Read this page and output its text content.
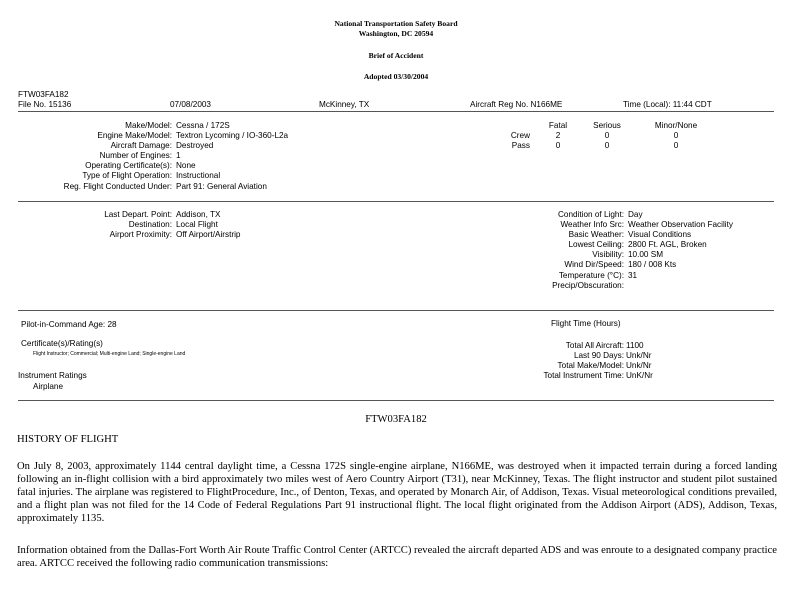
National Transportation Safety Board
Washington, DC 20594
Brief of Accident
Adopted 03/30/2004
FTW03FA182
File No. 15136	07/08/2003	McKinney, TX	Aircraft Reg No. N166ME	Time (Local): 11:44 CDT
Make/Model: Cessna / 172S
Engine Make/Model: Textron Lycoming / IO-360-L2a
Aircraft Damage: Destroyed
Number of Engines: 1
Operating Certificate(s): None
Type of Flight Operation: Instructional
Reg. Flight Conducted Under: Part 91: General Aviation
	Fatal	Serious	Minor/None
Crew	2	0	0
Pass	0	0	0
Last Depart. Point: Addison, TX
Destination: Local Flight
Airport Proximity: Off Airport/Airstrip
Condition of Light: Day
Weather Info Src: Weather Observation Facility
Basic Weather: Visual Conditions
Lowest Ceiling: 2800 Ft. AGL, Broken
Visibility: 10.00 SM
Wind Dir/Speed: 180 / 008 Kts
Temperature (°C): 31
Precip/Obscuration:
Pilot-in-Command Age: 28
Certificate(s)/Rating(s)
Flight Instructor; Commercial; Multi-engine Land; Single-engine Land
Instrument Ratings
Airplane
Flight Time (Hours)
Total All Aircraft: 1100
Last 90 Days: Unk/Nr
Total Make/Model: Unk/Nr
Total Instrument Time: UnK/Nr
FTW03FA182
HISTORY OF FLIGHT
On July 8, 2003, approximately 1144 central daylight time, a Cessna 172S single-engine airplane, N166ME, was destroyed when it impacted terrain during a forced landing following an in-flight collision with a bird approximately two miles west of Aero Country Airport (T31), near McKinney, Texas. The flight instructor and student pilot sustained fatal injuries. The airplane was registered to FlightProcedure, Inc., of Denton, Texas, and operated by Monarch Air, of Addison, Texas. Visual meteorological conditions prevailed, and a flight plan was not filed for the 14 Code of Federal Regulations Part 91 instructional flight. The local flight originated from the Addison Airport (ADS), Addison, Texas, approximately 1135.
Information obtained from the Dallas-Fort Worth Air Route Traffic Control Center (ARTCC) revealed the aircraft departed ADS and was enroute to a designated company practice area. ARTCC received the following radio communication transmissions:
